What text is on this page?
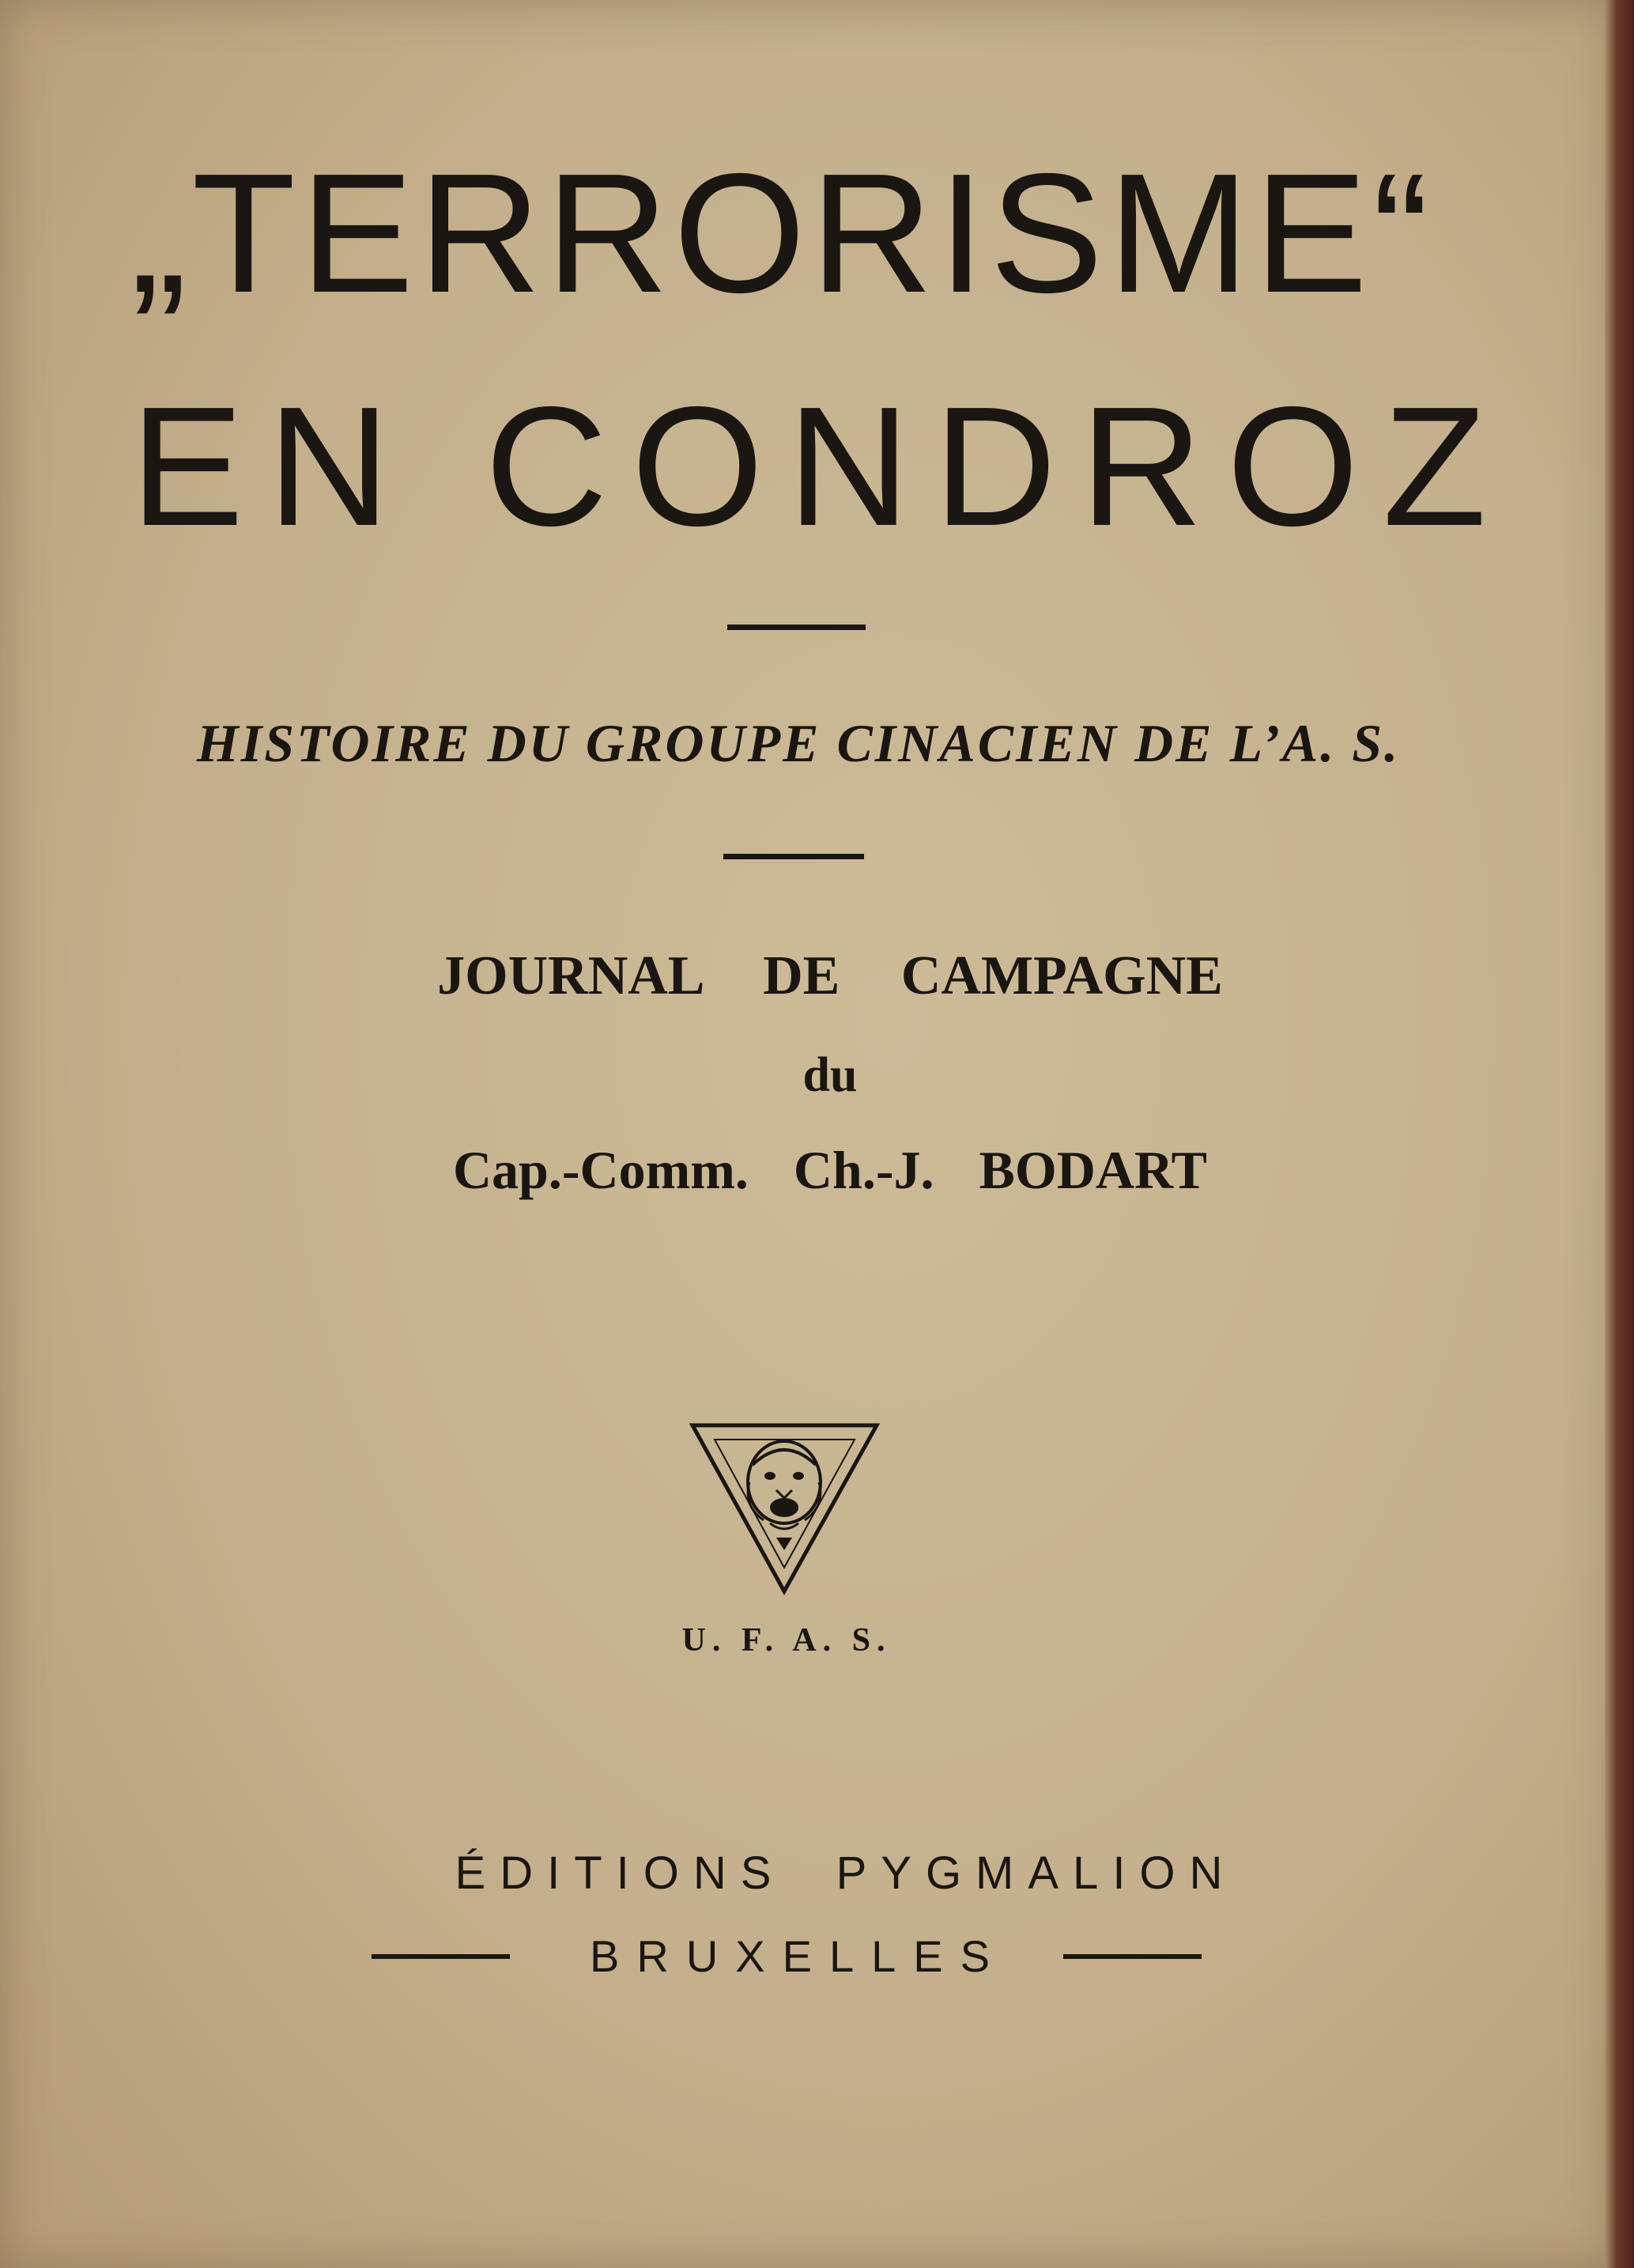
„TERRORISME“
EN CONDROZ
HISTOIRE DU GROUPE CINACIEN DE L’A. S.
JOURNAL DE CAMPAGNE
du
Cap.-Comm. Ch.-J. BODART
U. F. A. S.
ÉDITIONS PYGMALION
BRUXELLES
